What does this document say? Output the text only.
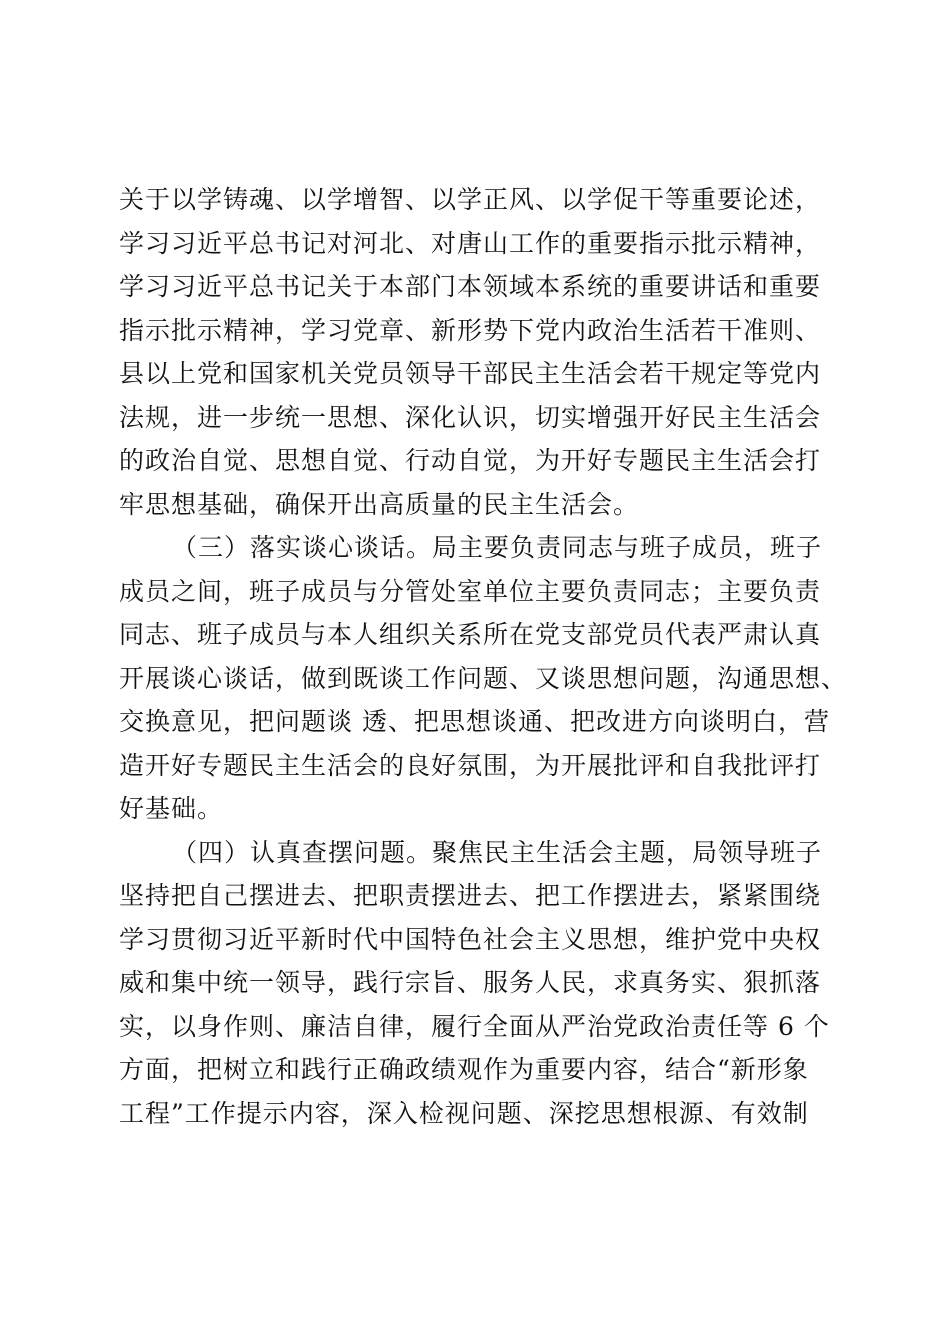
关于以学铸魂、以学增智、以学正风、以学促干等重要论述，
学习习近平总书记对河北、对唐山工作的重要指示批示精神，
学习习近平总书记关于本部门本领域本系统的重要讲话和重要
指示批示精神，学习党章、新形势下党内政治生活若干准则、
县以上党和国家机关党员领导干部民主生活会若干规定等党内
法规，进一步统一思想、深化认识，切实增强开好民主生活会
的政治自觉、思想自觉、行动自觉，为开好专题民主生活会打
牢思想基础，确保开出高质量的民主生活会。
（三）落实谈心谈话。局主要负责同志与班子成员，班子
成员之间，班子成员与分管处室单位主要负责同志；主要负责
同志、班子成员与本人组织关系所在党支部党员代表严肃认真
开展谈心谈话，做到既谈工作问题、又谈思想问题，沟通思想、
交换意见，把问题谈 透、把思想谈通、把改进方向谈明白，营
造开好专题民主生活会的良好氛围，为开展批评和自我批评打
好基础。
（四）认真查摆问题。聚焦民主生活会主题，局领导班子
坚持把自己摆进去、把职责摆进去、把工作摆进去，紧紧围绕
学习贯彻习近平新时代中国特色社会主义思想，维护党中央权
威和集中统一领导，践行宗旨、服务人民，求真务实、狠抓落
实，以身作则、廉洁自律，履行全面从严治党政治责任等 6 个
方面，把树立和践行正确政绩观作为重要内容，结合“新形象
工程”工作提示内容，深入检视问题、深挖思想根源、有效制
